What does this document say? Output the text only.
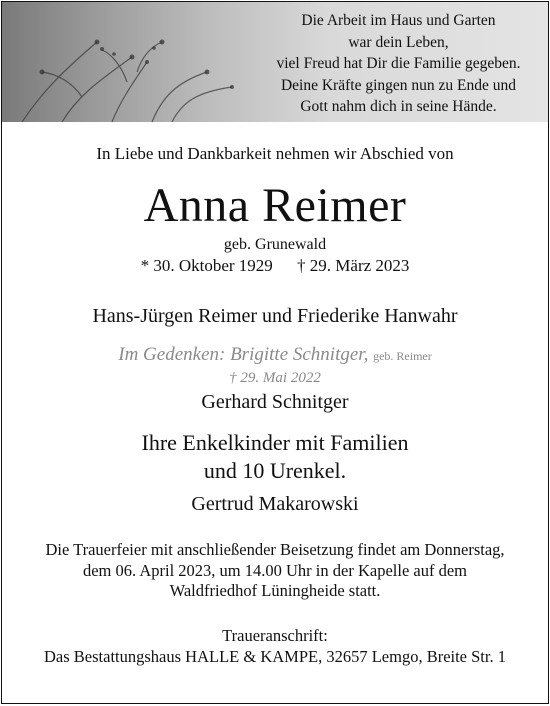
Die Arbeit im Haus und Garten
war dein Leben,
viel Freud hat Dir die Familie gegeben.
Deine Kräfte gingen nun zu Ende und
Gott nahm dich in seine Hände.
In Liebe und Dankbarkeit nehmen wir Abschied von
Anna Reimer
geb. Grunewald
* 30. Oktober 1929 † 29. März 2023
Hans-Jürgen Reimer und Friederike Hanwahr
Im Gedenken: Brigitte Schnitger, geb. Reimer
† 29. Mai 2022
Gerhard Schnitger
Ihre Enkelkinder mit Familien
und 10 Urenkel.
Gertrud Makarowski
Die Trauerfeier mit anschließender Beisetzung findet am Donnerstag,
dem 06. April 2023, um 14.00 Uhr in der Kapelle auf dem
Waldfriedhof Lüningheide statt.
Traueranschrift:
Das Bestattungshaus HALLE & KAMPE, 32657 Lemgo, Breite Str. 1
